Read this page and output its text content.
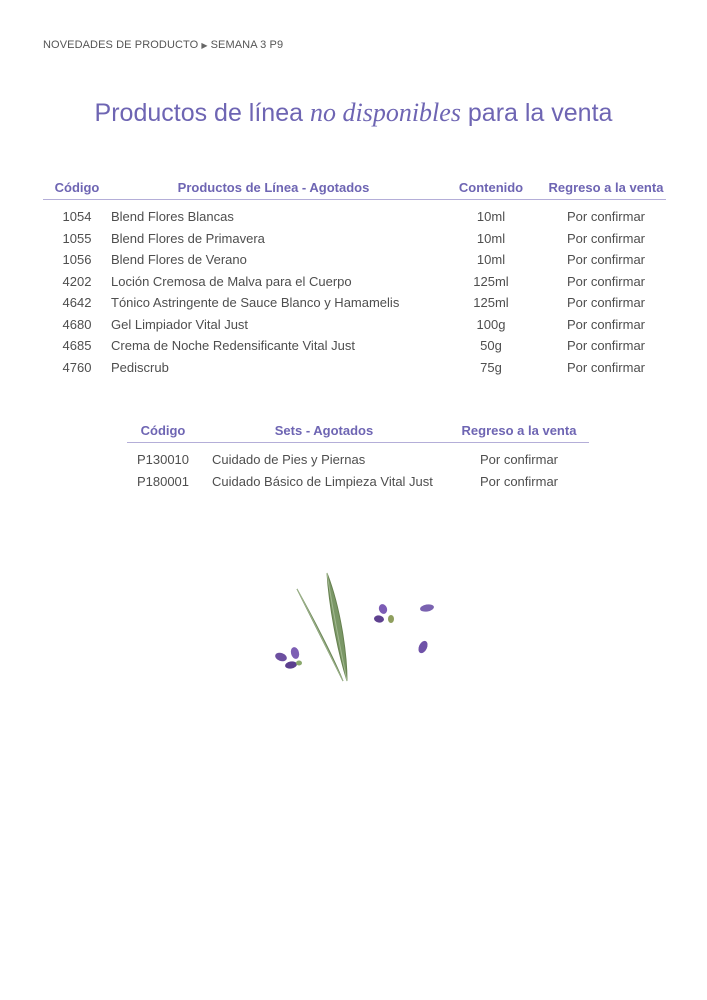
NOVEDADES DE PRODUCTO ▶ SEMANA 3 P9
Productos de línea no disponibles para la venta
Código	Productos de Línea - Agotados	Contenido	Regreso a la venta
1054	Blend Flores Blancas	10ml	Por confirmar
1055	Blend Flores de Primavera	10ml	Por confirmar
1056	Blend Flores de Verano	10ml	Por confirmar
4202	Loción Cremosa de Malva para el Cuerpo	125ml	Por confirmar
4642	Tónico Astringente de Sauce Blanco y Hamamelis	125ml	Por confirmar
4680	Gel Limpiador Vital Just	100g	Por confirmar
4685	Crema de Noche Redensificante Vital Just	50g	Por confirmar
4760	Pediscrub	75g	Por confirmar
Código	Sets - Agotados	Regreso a la venta
P130010	Cuidado de Pies y Piernas	Por confirmar
P180001	Cuidado Básico de Limpieza Vital Just	Por confirmar
